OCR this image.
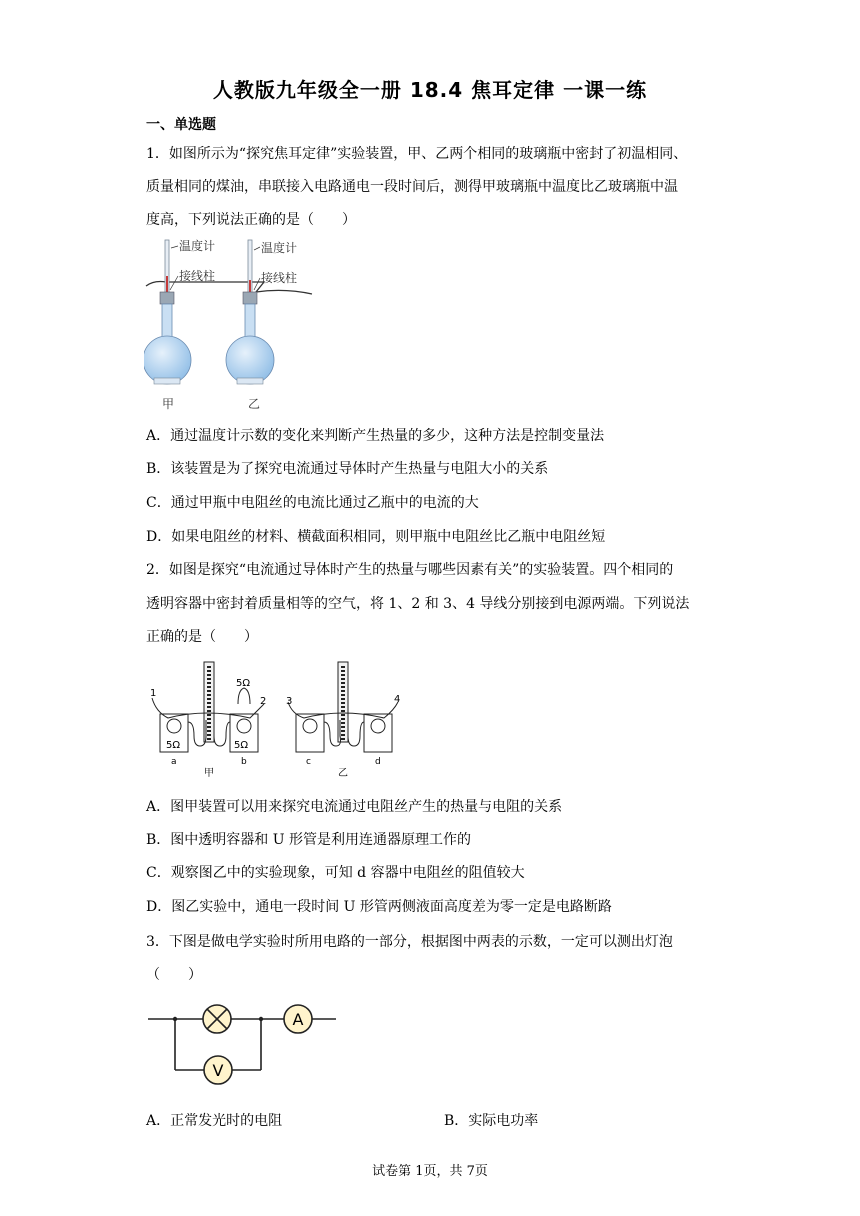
人教版九年级全一册 18.4 焦耳定律 一课一练
一、单选题
1．如图所示为“探究焦耳定律”实验装置，甲、乙两个相同的玻璃瓶中密封了初温相同、
质量相同的煤油，串联接入电路通电一段时间后，测得甲玻璃瓶中温度比乙玻璃瓶中温
度高，下列说法正确的是（　　）
温度计
接线柱
温度计
接线柱
甲	乙
A．通过温度计示数的变化来判断产生热量的多少，这种方法是控制变量法
B．该装置是为了探究电流通过导体时产生热量与电阻大小的关系
C．通过甲瓶中电阻丝的电流比通过乙瓶中的电流的大
D．如果电阻丝的材料、横截面积相同，则甲瓶中电阻丝比乙瓶中电阻丝短
2．如图是探究“电流通过导体时产生的热量与哪些因素有关”的实验装置。四个相同的
透明容器中密封着质量相等的空气，将 1、2 和 3、4 导线分别接到电源两端。下列说法
正确的是（　　）
1
2
5Ω
5Ω	5Ω
a	b
甲
3	4
c	d
乙
A．图甲装置可以用来探究电流通过电阻丝产生的热量与电阻的关系
B．图中透明容器和 U 形管是利用连通器原理工作的
C．观察图乙中的实验现象，可知 d 容器中电阻丝的阻值较大
D．图乙实验中，通电一段时间 U 形管两侧液面高度差为零一定是电路断路
3．下图是做电学实验时所用电路的一部分，根据图中两表的示数，一定可以测出灯泡
（　　）
A
V
A．正常发光时的电阻	B．实际电功率
试卷第 1页，共 7页
